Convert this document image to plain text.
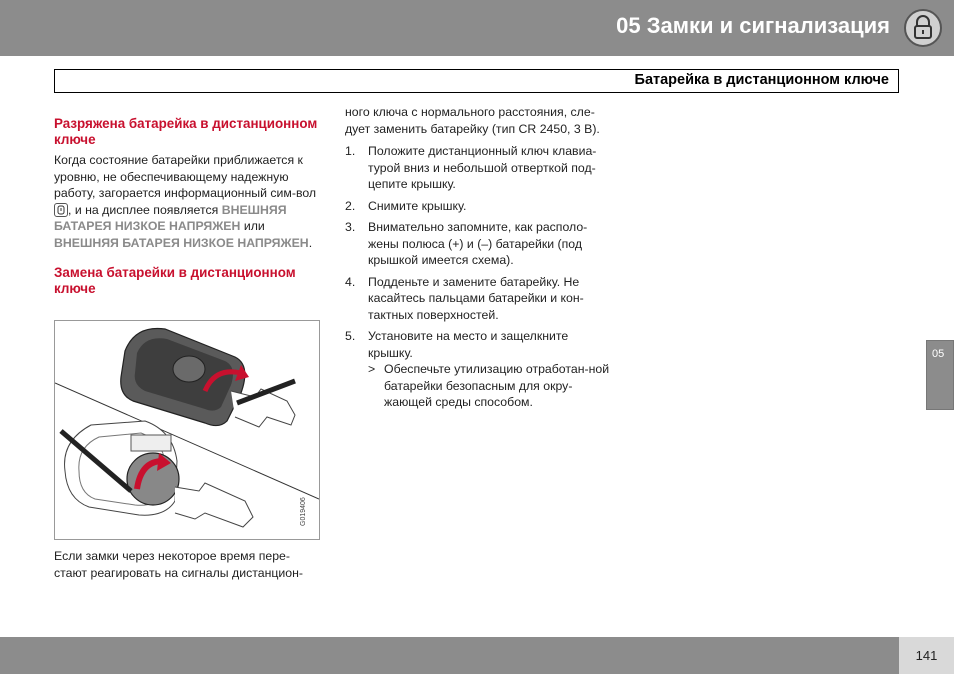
05 Замки и сигнализация
Батарейка в дистанционном ключе

Разряжена батарейка в дистанционном ключе

Когда состояние батарейки приближается к уровню, не обеспечивающему надежную работу, загорается информационный сим-вол
, и на дисплее появляется ВНЕШНЯЯ БАТАРЕЯ НИЗКОЕ НАПРЯЖЕН или ВНЕШНЯЯ БАТАРЕЯ НИЗКОЕ НАПРЯЖЕН.

Замена батарейки в дистанционном ключе

G019406

Если замки через некоторое время пере-стают реагировать на сигналы дистанцион-

ного ключа с нормального расстояния, сле-дует заменить батарейку (тип CR 2450, 3 В).

1. Положите дистанционный ключ клавиа-турой вниз и небольшой отверткой под-цепите крышку.
2. Снимите крышку.
3. Внимательно запомните, как располо-жены полюса (+) и (–) батарейки (под крышкой имеется схема).
4. Подденьте и замените батарейку. Не касайтесь пальцами батарейки и кон-тактных поверхностей.
5. Установите на место и защелкните крышку.
> Обеспечьте утилизацию отработан-ной батарейки безопасным для окру-жающей среды способом.
05
141
